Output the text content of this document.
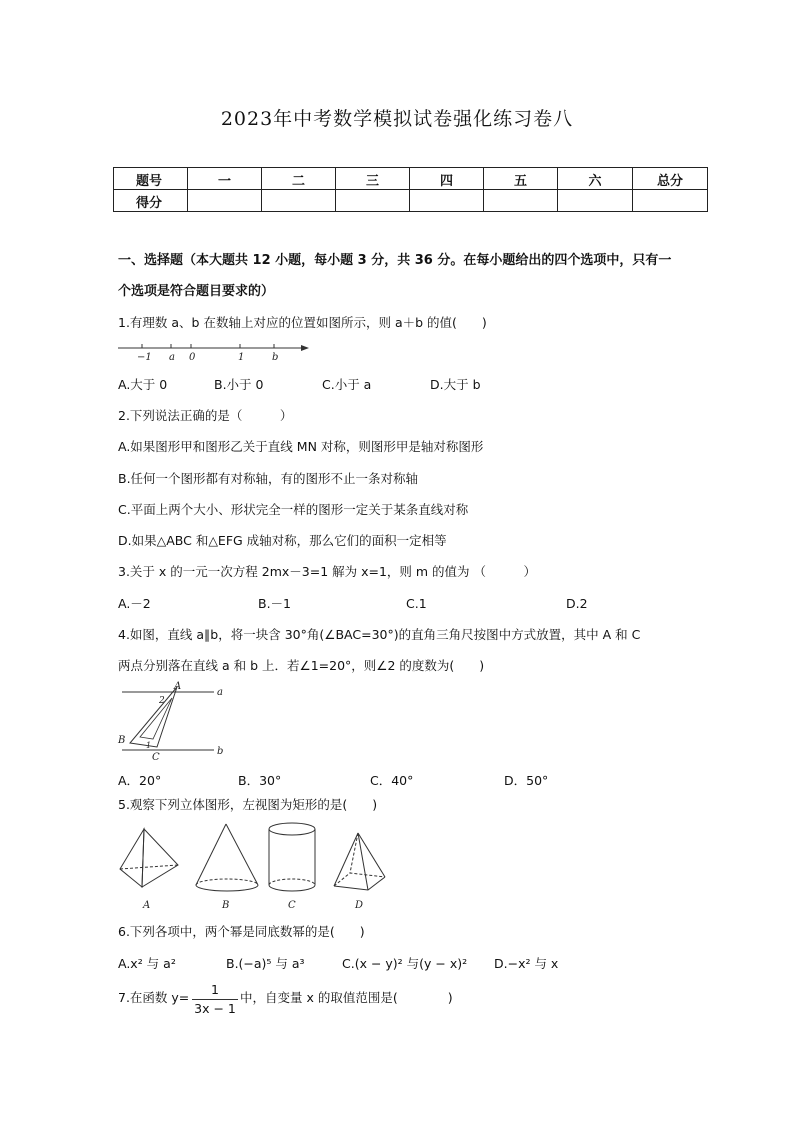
2023年中考数学模拟试卷强化练习卷八
题号	一	二	三	四	五	六	总分
得分							
一、选择题（本大题共 12 小题，每小题 3 分，共 36 分。在每小题给出的四个选项中，只有一
个选项是符合题目要求的）
1.有理数 a、b 在数轴上对应的位置如图所示，则 a＋b 的值(　　)
−1 a 0	1	b
A.大于 0	B.小于 0	C.小于 a	D.大于 b
2.下列说法正确的是（　　　）
A.如果图形甲和图形乙关于直线 MN 对称，则图形甲是轴对称图形
B.任何一个图形都有对称轴，有的图形不止一条对称轴
C.平面上两个大小、形状完全一样的图形一定关于某条直线对称
D.如果△ABC 和△EFG 成轴对称，那么它们的面积一定相等
3.关于 x 的一元一次方程 2mx－3=1 解为 x=1，则 m 的值为 （　　　）
A.－2	B.－1	C.1	D.2
4.如图，直线 a∥b，将一块含 30°角(∠BAC=30°)的直角三角尺按图中方式放置，其中 A 和 C
两点分别落在直线 a 和 b 上．若∠1=20°，则∠2 的度数为(　　)
A
a
2
B	1
C
b
A．20°	B．30°	C．40°	D．50°
5.观察下列立体图形，左视图为矩形的是(　　)
A	B	C	D
6.下列各项中，两个幂是同底数幂的是(　　)
A.x² 与 a²	B.(−a)⁵ 与 a³	C.(x − y)² 与(y − x)² D.−x² 与 x
7.在函数 $y= \frac{1}{3x - 1}$ 中，自变量 x 的取值范围是(　　　　)
